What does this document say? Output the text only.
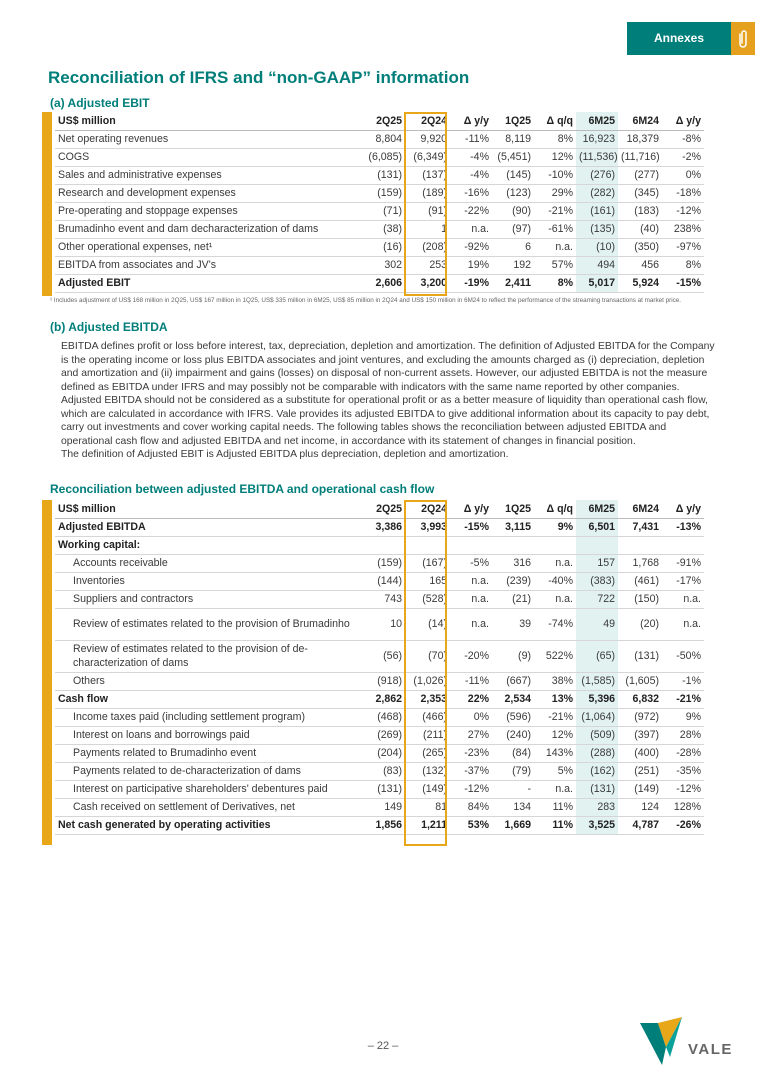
Annexes
Reconciliation of IFRS and “non-GAAP” information
(a) Adjusted EBIT
US$ million	2Q25	2Q24	Δ y/y	1Q25	Δ q/q	6M25	6M24	Δ y/y
Net operating revenues	8,804	9,920	-11%	8,119	8%	16,923	18,379	-8%
COGS	(6,085)	(6,349)	-4%	(5,451)	12%	(11,536)	(11,716)	-2%
Sales and administrative expenses	(131)	(137)	-4%	(145)	-10%	(276)	(277)	0%
Research and development expenses	(159)	(189)	-16%	(123)	29%	(282)	(345)	-18%
Pre-operating and stoppage expenses	(71)	(91)	-22%	(90)	-21%	(161)	(183)	-12%
Brumadinho event and dam decharacterization of dams	(38)	1	n.a.	(97)	-61%	(135)	(40)	238%
Other operational expenses, net¹	(16)	(208)	-92%	6	n.a.	(10)	(350)	-97%
EBITDA from associates and JV's	302	253	19%	192	57%	494	456	8%
Adjusted EBIT	2,606	3,200	-19%	2,411	8%	5,017	5,924	-15%
¹ Includes adjustment of US$ 168 million in 2Q25, US$ 167 million in 1Q25, US$ 335 million in 6M25, US$ 85 million in 2Q24 and US$ 150 million in 6M24 to reflect the performance of the streaming transactions at market price.
(b) Adjusted EBITDA

EBITDA defines profit or loss before interest, tax, depreciation, depletion and amortization. The definition of Adjusted EBITDA for the Company is the operating income or loss plus EBITDA associates and joint ventures, and excluding the amounts charged as (i) depreciation, depletion and amortization and (ii) impairment and gains (losses) on disposal of non-current assets. However, our adjusted EBITDA is not the measure defined as EBITDA under IFRS and may possibly not be comparable with indicators with the same name reported by other companies. Adjusted EBITDA should not be considered as a substitute for operational profit or as a better measure of liquidity than operational cash flow, which are calculated in accordance with IFRS. Vale provides its adjusted EBITDA to give additional information about its capacity to pay debt, carry out investments and cover working capital needs. The following tables shows the reconciliation between adjusted EBITDA and operational cash flow and adjusted EBITDA and net income, in accordance with its statement of changes in financial position.

The definition of Adjusted EBIT is Adjusted EBITDA plus depreciation, depletion and amortization.

Reconciliation between adjusted EBITDA and operational cash flow
US$ million	2Q25	2Q24	Δ y/y	1Q25	Δ q/q	6M25	6M24	Δ y/y
Adjusted EBITDA	3,386	3,993	-15%	3,115	9%	6,501	7,431	-13%
Working capital:								
Accounts receivable	(159)	(167)	-5%	316	n.a.	157	1,768	-91%
Inventories	(144)	165	n.a.	(239)	-40%	(383)	(461)	-17%
Suppliers and contractors	743	(528)	n.a.	(21)	n.a.	722	(150)	n.a.
Review of estimates related to the provision of Brumadinho	10	(14)	n.a.	39	-74%	49	(20)	n.a.
Review of estimates related to the provision of de-characterization of dams	(56)	(70)	-20%	(9)	522%	(65)	(131)	-50%
Others	(918)	(1,026)	-11%	(667)	38%	(1,585)	(1,605)	-1%
Cash flow	2,862	2,353	22%	2,534	13%	5,396	6,832	-21%
Income taxes paid (including settlement program)	(468)	(466)	0%	(596)	-21%	(1,064)	(972)	9%
Interest on loans and borrowings paid	(269)	(211)	27%	(240)	12%	(509)	(397)	28%
Payments related to Brumadinho event	(204)	(265)	-23%	(84)	143%	(288)	(400)	-28%
Payments related to de-characterization of dams	(83)	(132)	-37%	(79)	5%	(162)	(251)	-35%
Interest on participative shareholders' debentures paid	(131)	(149)	-12%	-	n.a.	(131)	(149)	-12%
Cash received on settlement of Derivatives, net	149	81	84%	134	11%	283	124	128%
Net cash generated by operating activities	1,856	1,211	53%	1,669	11%	3,525	4,787	-26%
– 22 –	VALE
